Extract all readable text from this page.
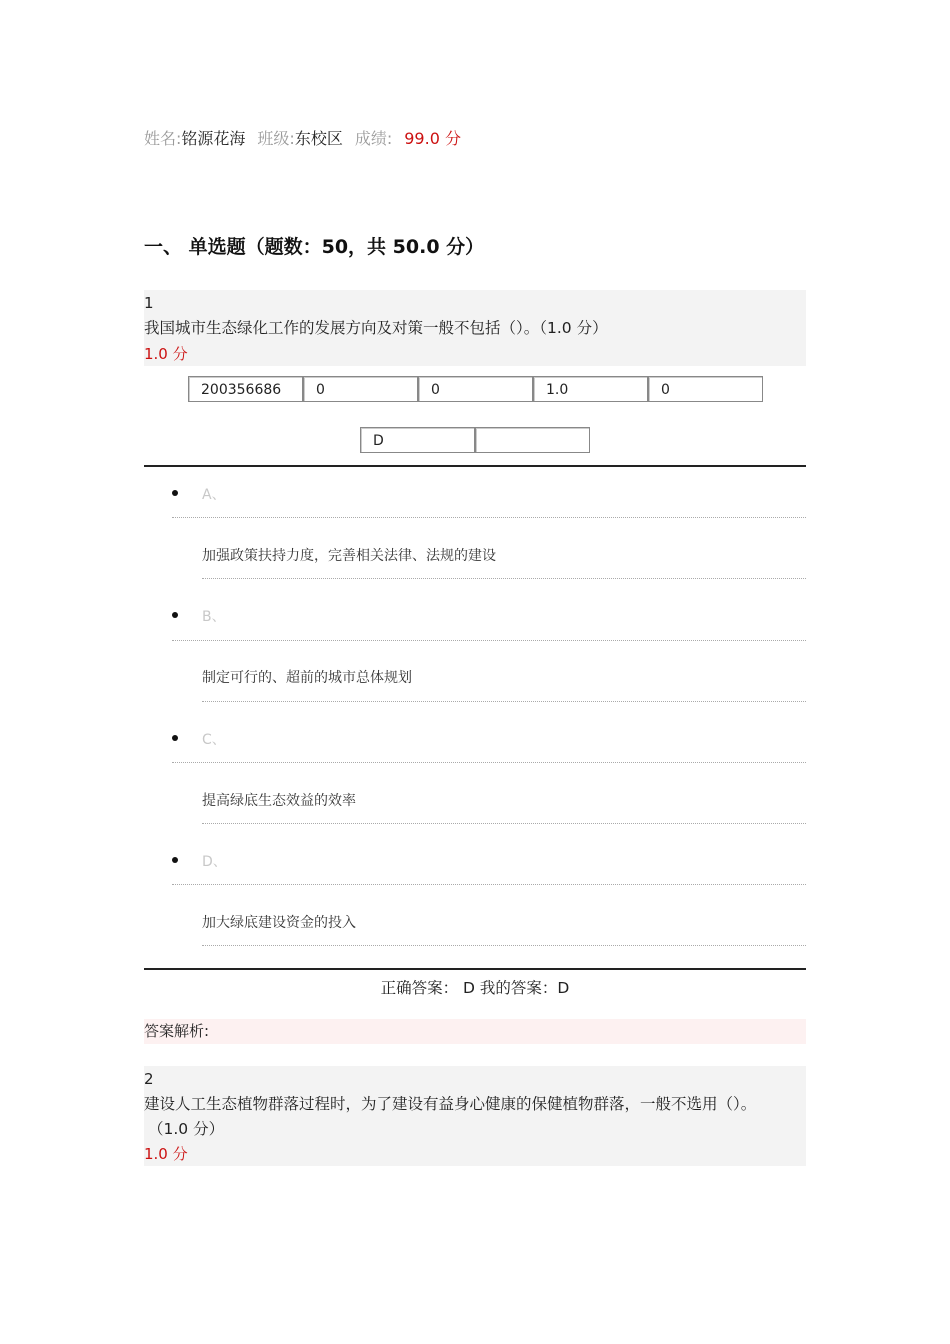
姓名:铭源花海 班级:东校区 成绩: 99.0 分
一、 单选题（题数：50，共 50.0 分）
1
我国城市生态绿化工作的发展方向及对策一般不包括（）。（1.0 分）
1.0 分
200356686	0	0	1.0	0
D
A、
加强政策扶持力度，完善相关法律、法规的建设
B、
制定可行的、超前的城市总体规划
C、
提高绿底生态效益的效率
D、
加大绿底建设资金的投入
正确答案： D 我的答案：D
答案解析:
2
建设人工生态植物群落过程时，为了建设有益身心健康的保健植物群落，一般不选用（）。
（1.0 分）
1.0 分
